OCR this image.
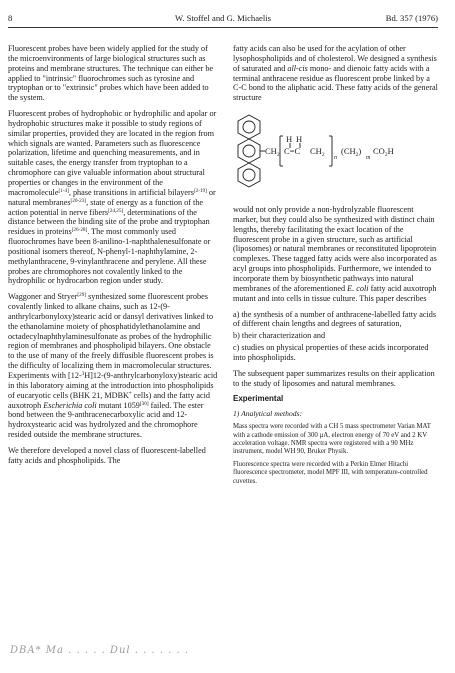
8	W. Stoffel and G. Michaelis	Bd. 357 (1976)

Fluorescent probes have been widely applied for the study of the microenvironments of large biological structures such as proteins and membrane structures. The technique can either be applied to "intrinsic" fluorochromes such as tyrosine and tryptophan or to "extrinsic" probes which have been added to the system.

Fluorescent probes of hydrophobic or hydrophilic and apolar or hydrophobic structures make it possible to study regions of similar properties, provided they are located in the region from which signals are wanted. Parameters such as fluorescence polarization, lifetime and quenching measurements, and in suitable cases, the energy transfer from tryptophan to a chromophore can give valuable information about structural properties or changes in the environment of the macromolecule[1-4], phase transitions in artificial bilayers[2-19] or natural membranes[20-23], state of energy as a function of the action potential in nerve fibers[24,25], determinations of the distance between the binding site of the probe and tryptophan residues in proteins[26-28]. The most commonly used fluorochromes have been 8-anilino-1-naphthalenesulfonate or positional isomers thereof, N-phenyl-1-naphthylamine, 2-methylanthracene, 9-vinylanthracene and perylene. All these probes are chromophores not covalently linked to the hydrophilic or hydrocarbon region under study.

Waggoner and Stryer[29] synthesized some fluorescent probes covalently linked to alkane chains, such as 12-(9-anthrylcarbonyloxy)stearic acid or dansyl derivatives linked to the ethanolamine moiety of phosphatidylethanolamine and octadecylnaphthylaminesulfonate as probes of the hydrophilic region of membranes and phospholipid bilayers. One obstacle to the use of many of the freely diffusible fluorescent probes is the difficulty of localizing them in macromolecular structures. Experiments with [12-$^3$H]12-(9-anthrylcarbonyloxy)stearic acid in this laboratory aiming at the introduction into phospholipids of eucaryotic cells (BHK 21, MDBK* cells) and the fatty acid auxotroph Escherichia coli mutant 1059[30] failed. The ester bond between the 9-anthracenecarboxylic acid and 12-hydroxystearic acid was hydrolyzed and the chromophore resided outside the membrane structures.

We therefore developed a novel class of fluorescent-labelled fatty acids and phospholipids. The

fatty acids can also be used for the acylation of other lysophospholipids and of cholesterol. We designed a synthesis of saturated and all-cis mono- and dienoic fatty acids with a terminal anthracene residue as fluorescent probe linked by a C-C bond to the aliphatic acid. These fatty acids of the general structure

H H
$CH_2$ C=C $CH_2$ n
$(CH_2)$
m
$CO_2H$

would not only provide a non-hydrolyzable fluorescent marker, but they could also be synthesized with distinct chain lengths, thereby facilitating the exact location of the fluorescent probe in a given structure, such as artificial (liposomes) or natural membranes or reconstituted lipoprotein complexes. These tagged fatty acids were also incorporated as acyl groups into phospholipids. Furthermore, we intended to incorporate them by biosynthetic pathways into natural membranes of the aforementioned E. coli fatty acid auxotroph mutant and into cells in tissue culture. This paper describes

a) the synthesis of a number of anthracene-labelled fatty acids of different chain lengths and degrees of saturation,

b) their characterization and

c) studies on physical properties of these acids incorporated into phospholipids.

The subsequent paper summarizes results on their application to the study of liposomes and natural membranes.

Experimental
1) Analytical methods:

Mass spectra were recorded with a CH 5 mass spectrometer Varian MAT with a cathode emission of 300 µA, electron energy of 70 eV and 2 KV acceleration voltage. NMR spectra were registered with a 90 MHz instrument, model WH 90, Bruker Physik.

Fluorescence spectra were recorded with a Perkin Elmer Hitachi fluorescence spectrometer, model MPF III, with temperature-controlled cuvettes.

DBA* Ma . . . . . Dul . . . . . . .
